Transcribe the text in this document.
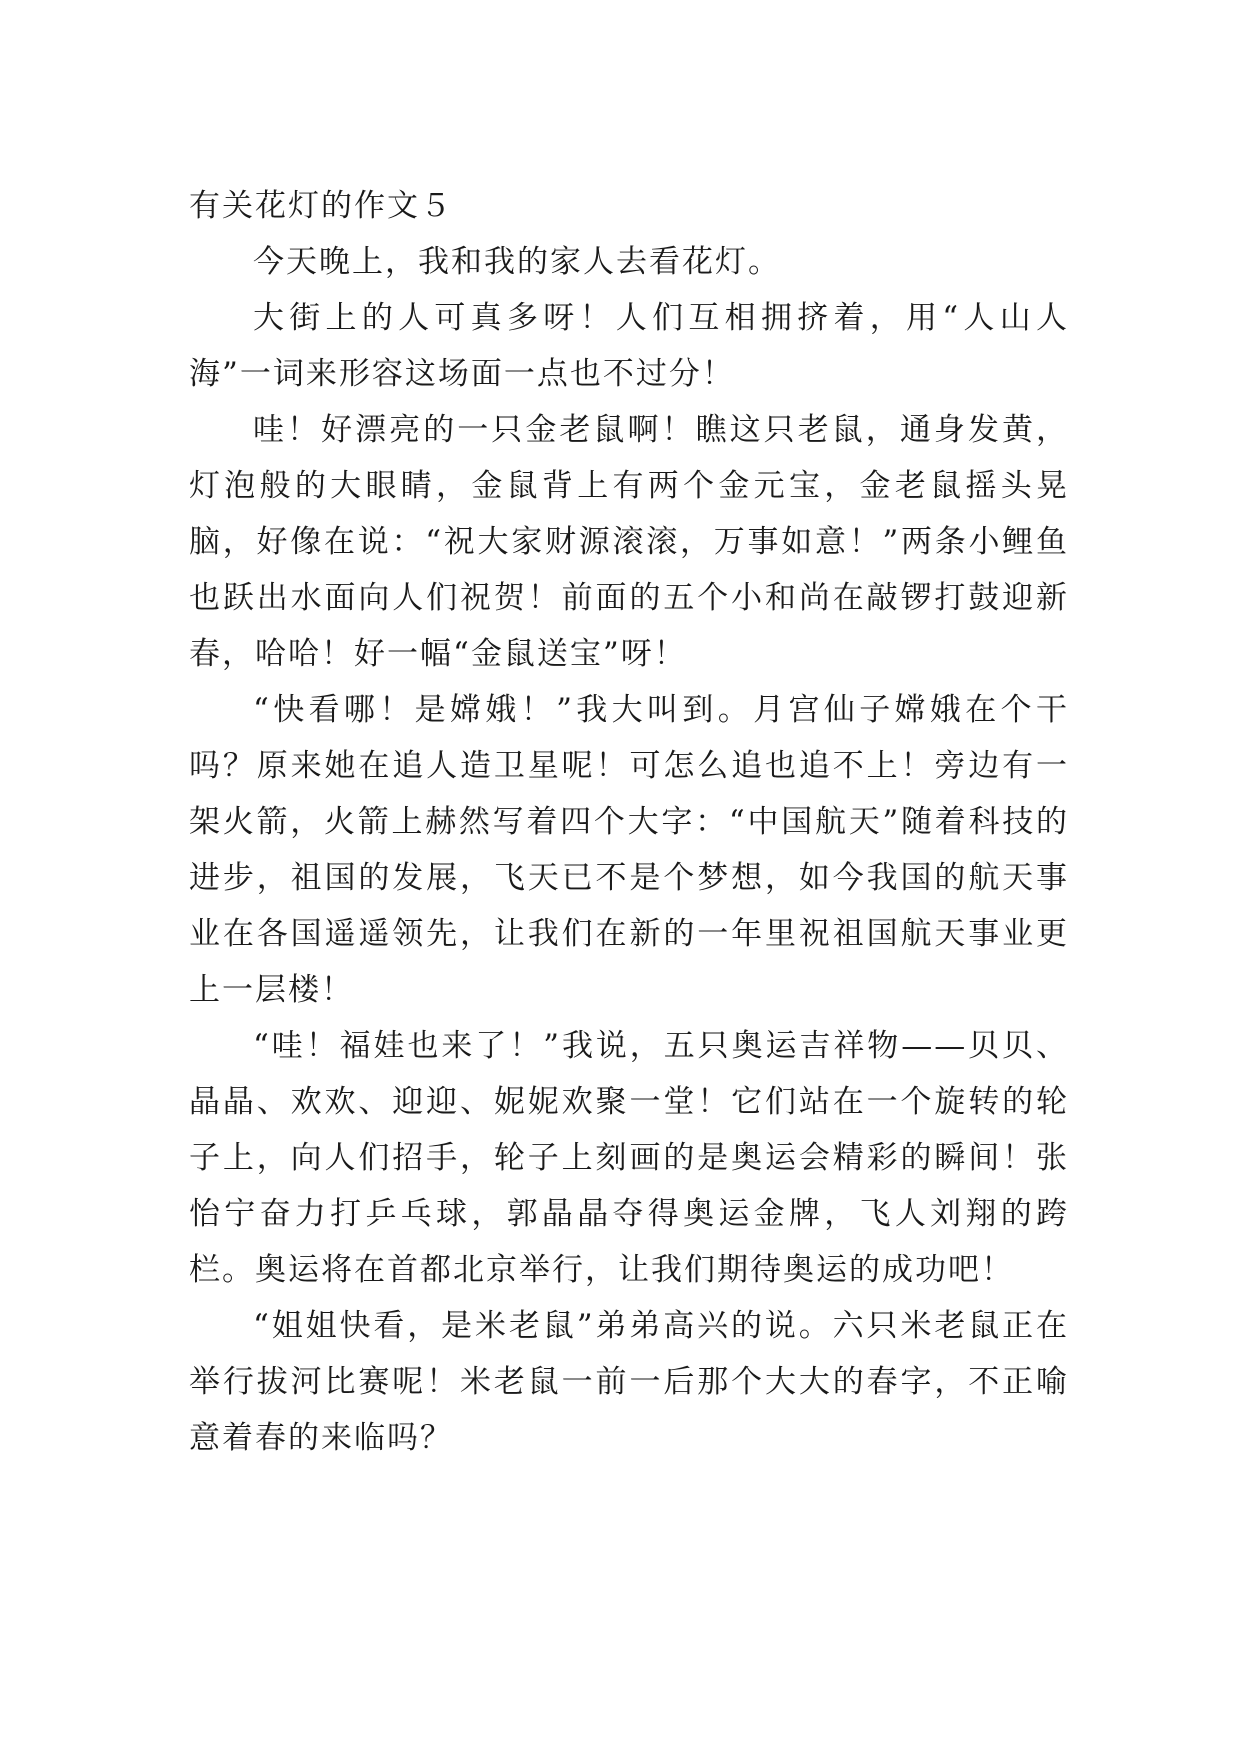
有关花灯的作文５

今天晚上，我和我的家人去看花灯。

大街上的人可真多呀！人们互相拥挤着，用“人山人海”一词来形容这场面一点也不过分！

哇！好漂亮的一只金老鼠啊！瞧这只老鼠，通身发黄，灯泡般的大眼睛，金鼠背上有两个金元宝，金老鼠摇头晃脑，好像在说：“祝大家财源滚滚，万事如意！”两条小鲤鱼也跃出水面向人们祝贺！前面的五个小和尚在敲锣打鼓迎新春，哈哈！好一幅“金鼠送宝”呀！

“快看哪！是嫦娥！”我大叫到。月宫仙子嫦娥在个干吗？原来她在追人造卫星呢！可怎么追也追不上！旁边有一架火箭，火箭上赫然写着四个大字：“中国航天”随着科技的进步，祖国的发展，飞天已不是个梦想，如今我国的航天事业在各国遥遥领先，让我们在新的一年里祝祖国航天事业更上一层楼！

“哇！福娃也来了！”我说，五只奥运吉祥物——贝贝、晶晶、欢欢、迎迎、妮妮欢聚一堂！它们站在一个旋转的轮子上，向人们招手，轮子上刻画的是奥运会精彩的瞬间！张怡宁奋力打乒乓球，郭晶晶夺得奥运金牌，飞人刘翔的跨栏。奥运将在首都北京举行，让我们期待奥运的成功吧！

“姐姐快看，是米老鼠”弟弟高兴的说。六只米老鼠正在举行拔河比赛呢！米老鼠一前一后那个大大的春字，不正喻意着春的来临吗？
